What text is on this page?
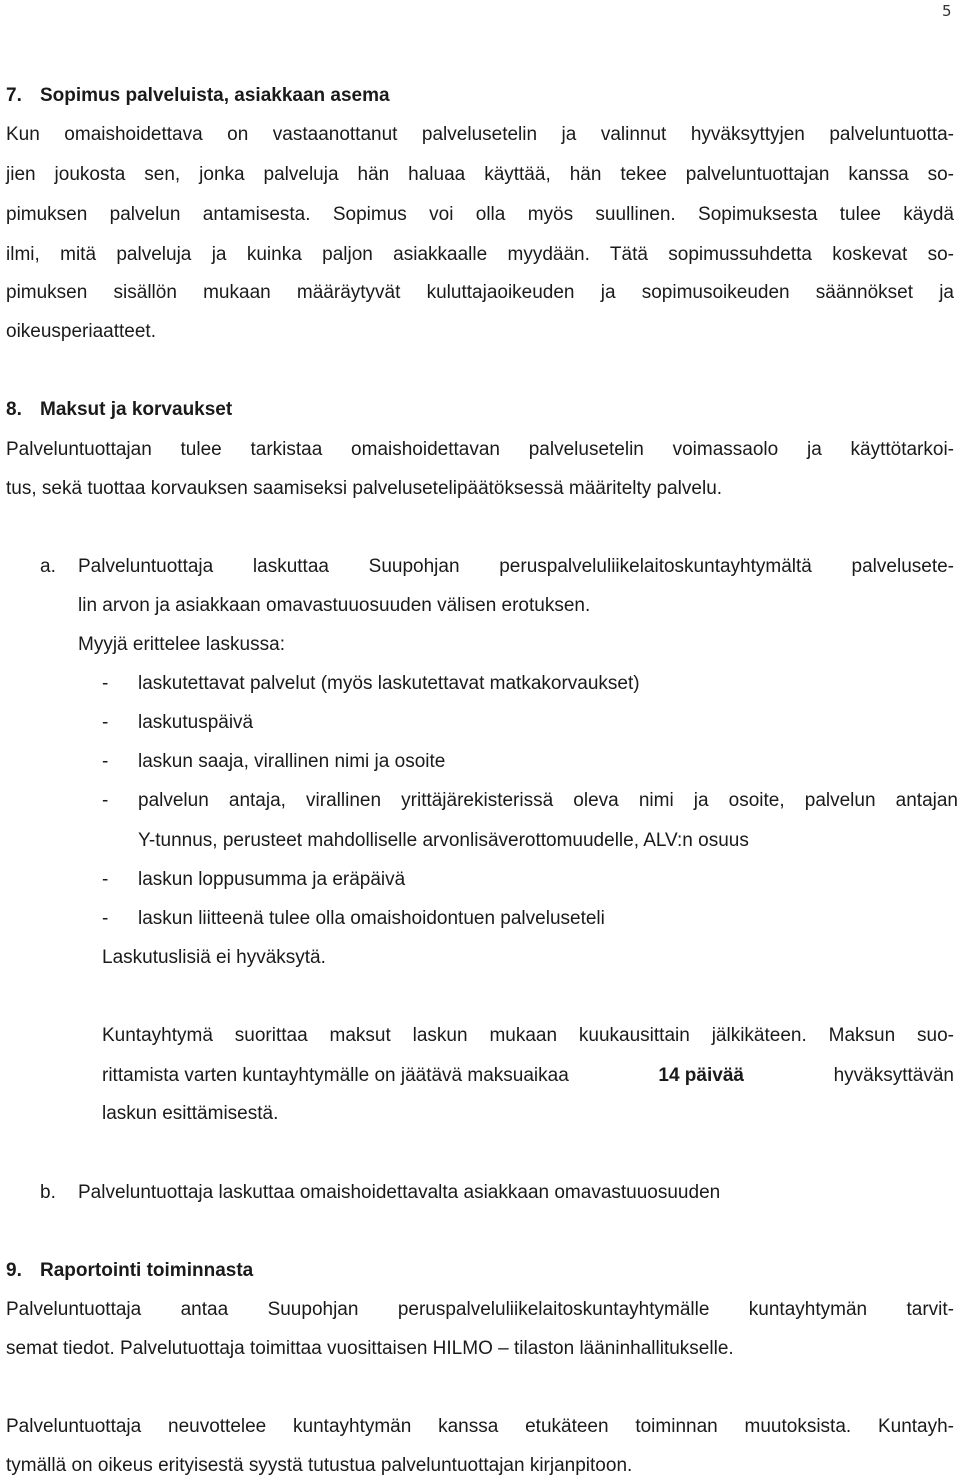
5
7. Sopimus palveluista, asiakkaan asema
Kun omaishoidettava on vastaanottanut palvelusetelin ja valinnut hyväksyttyjen palveluntuotta-
jien joukosta sen, jonka palveluja hän haluaa käyttää, hän tekee palveluntuottajan kanssa so-
pimuksen palvelun antamisesta. Sopimus voi olla myös suullinen. Sopimuksesta tulee käydä
ilmi, mitä palveluja ja kuinka paljon asiakkaalle myydään. Tätä sopimussuhdetta koskevat so-
pimuksen sisällön mukaan määräytyvät kuluttajaoikeuden ja sopimusoikeuden säännökset ja
oikeusperiaatteet.
8. Maksut ja korvaukset
Palveluntuottajan tulee tarkistaa omaishoidettavan palvelusetelin voimassaolo ja käyttötarkoi-
tus, sekä tuottaa korvauksen saamiseksi palvelusetelipäätöksessä määritelty palvelu.
a. Palveluntuottaja laskuttaa Suupohjan peruspalveluliikelaitoskuntayhtymältä palvelusete-
lin arvon ja asiakkaan omavastuuosuuden välisen erotuksen.
Myyjä erittelee laskussa:
- laskutettavat palvelut (myös laskutettavat matkakorvaukset)
- laskutuspäivä
- laskun saaja, virallinen nimi ja osoite
- palvelun antaja, virallinen yrittäjärekisterissä oleva nimi ja osoite, palvelun antajan
Y-tunnus, perusteet mahdolliselle arvonlisäverottomuudelle, ALV:n osuus
- laskun loppusumma ja eräpäivä
- laskun liitteenä tulee olla omaishoidontuen palveluseteli
Laskutuslisiä ei hyväksytä.
Kuntayhtymä suorittaa maksut laskun mukaan kuukausittain jälkikäteen. Maksun suo-
rittamista varten kuntayhtymälle on jäätävä maksuaikaa	14 päivää	hyväksyttävän
laskun esittämisestä.
b. Palveluntuottaja laskuttaa omaishoidettavalta asiakkaan omavastuuosuuden
9. Raportointi toiminnasta
Palveluntuottaja antaa Suupohjan peruspalveluliikelaitoskuntayhtymälle kuntayhtymän tarvit-
semat tiedot. Palvelutuottaja toimittaa vuosittaisen HILMO – tilaston lääninhallitukselle.
Palveluntuottaja neuvottelee kuntayhtymän kanssa etukäteen toiminnan muutoksista. Kuntayh-
tymällä on oikeus erityisestä syystä tutustua palveluntuottajan kirjanpitoon.
